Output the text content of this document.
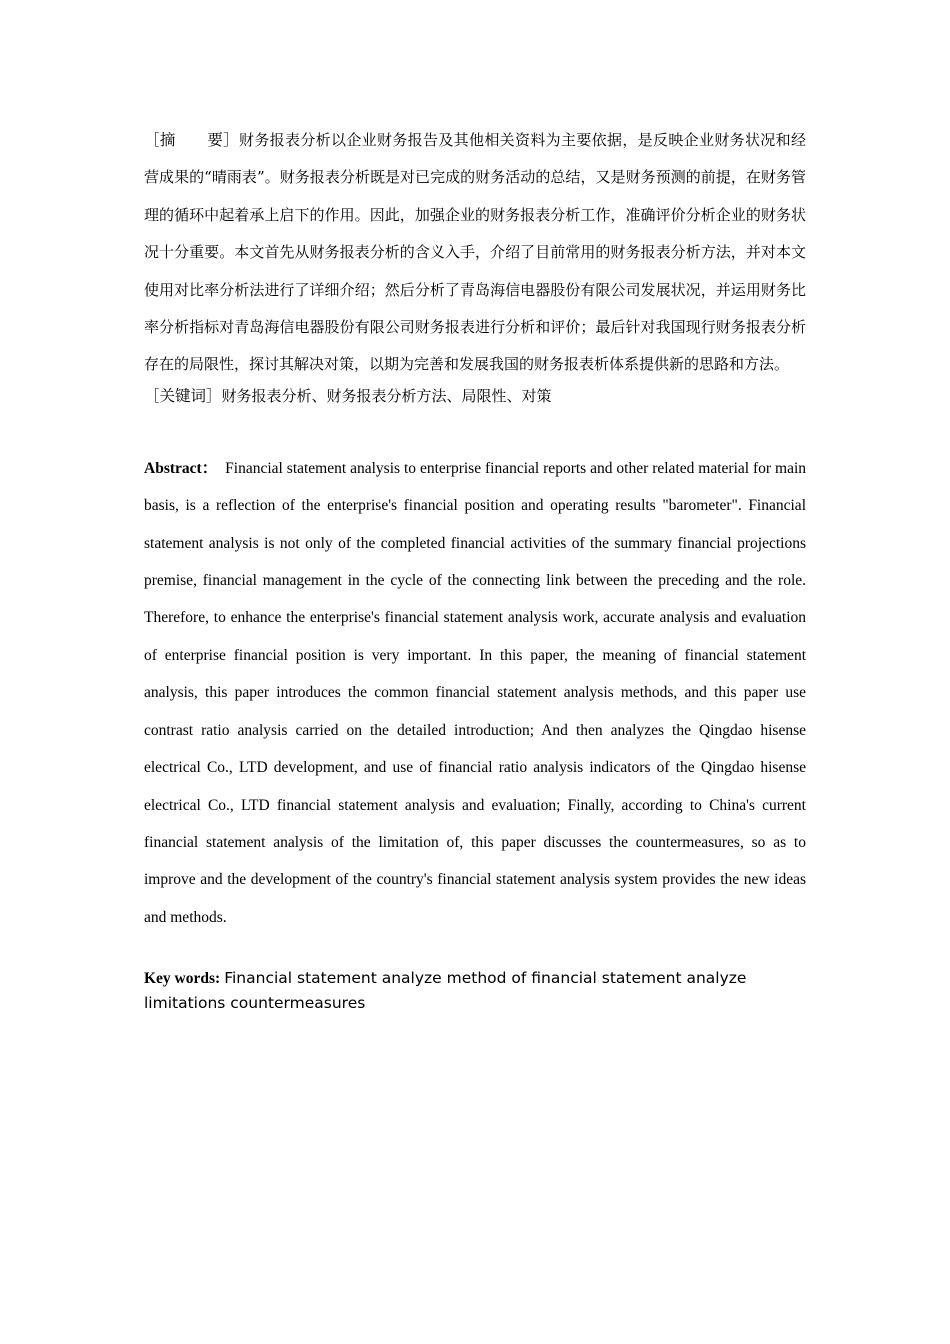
［摘　　要］财务报表分析以企业财务报告及其他相关资料为主要依据，是反映企业财务状况和经营成果的“晴雨表”。财务报表分析既是对已完成的财务活动的总结，又是财务预测的前提，在财务管理的循环中起着承上启下的作用。因此，加强企业的财务报表分析工作，准确评价分析企业的财务状况十分重要。本文首先从财务报表分析的含义入手，介绍了目前常用的财务报表分析方法，并对本文使用对比率分析法进行了详细介绍；然后分析了青岛海信电器股份有限公司发展状况，并运用财务比率分析指标对青岛海信电器股份有限公司财务报表进行分析和评价；最后针对我国现行财务报表分析存在的局限性，探讨其解决对策，以期为完善和发展我国的财务报表析体系提供新的思路和方法。

［关键词］财务报表分析、财务报表分析方法、局限性、对策

Abstract： Financial statement analysis to enterprise financial reports and other related material for main basis, is a reflection of the enterprise's financial position and operating results "barometer". Financial statement analysis is not only of the completed financial activities of the summary financial projections premise, financial management in the cycle of the connecting link between the preceding and the role. Therefore, to enhance the enterprise's financial statement analysis work, accurate analysis and evaluation of enterprise financial position is very important. In this paper, the meaning of financial statement analysis, this paper introduces the common financial statement analysis methods, and this paper use contrast ratio analysis carried on the detailed introduction; And then analyzes the Qingdao hisense electrical Co., LTD development, and use of financial ratio analysis indicators of the Qingdao hisense electrical Co., LTD financial statement analysis and evaluation; Finally, according to China's current financial statement analysis of the limitation of, this paper discusses the countermeasures, so as to improve and the development of the country's financial statement analysis system provides the new ideas and methods.

Key words: Financial statement analyze method of financial statement analyze limitations countermeasures
